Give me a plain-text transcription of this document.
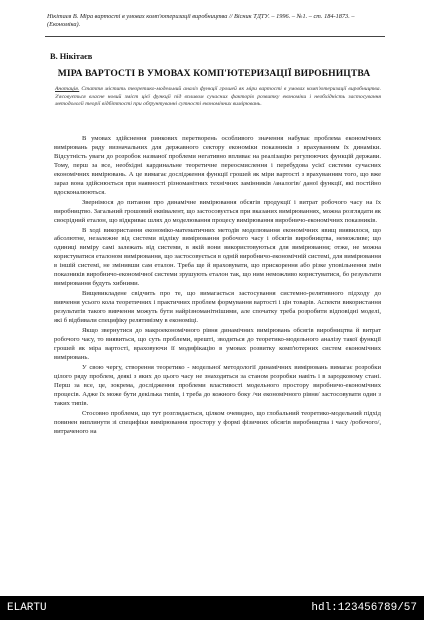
Нікітаєв В. Міра вартості в умовах комп'ютеризації виробництва // Вісник ТДТУ. – 1996. – №1. – ст. 184-1873. – (Економіка).
В. Нікітаєв
МІРА ВАРТОСТІ В УМОВАХ КОМП'ЮТЕРИЗАЦІЇ ВИРОБНИЦТВА
Анотація. Стаття містить теоретико-модельний аналіз функції грошей як міри вартості в умовах комп'ютеризації виробництва. З'ясовується власне новий зміст цієї функції під впливом сучасних факторів розвитку економіки і необхідність застосування методології теорії відбіттості при обґрунтуванні сутності економічних вимірювань.

В умовах здійснення ринкових перетворень особливого значення набуває проблема економічних вимірювань ряду визначальних для державного сектору економіки показників з врахуванням їх динаміки. Відсутність уваги до розробок названої проблеми негативно впливає на реалізацію регулюючих функцій держави. Тому, перш за все, необхідні кардинальне теоретичне переосмислення і перебудова усієї системи сучасних економічних вимірювань. А це вимагає дослідження функції грошей як міри вартості з врахуванням того, що вже зараз вона здійснюється при наявності різноманітних технічних замінників /аналогів/ даної функції, які постійно вдосконалюються.

Звернімося до питання про динамічне вимірювання обсягів продукції і витрат робочого часу на їх виробництво. Загальний грошовий еквівалент, що застосовується при вказаних вимірюваннях, можна розглядати як своєрідний еталон, що відкриває шлях до моделювання процесу вимірювання виробничо-економічних показників.

В ході використання економіко-математичних методів моделювання економічних явищ виявилося, що абсолютне, незалежне від системи відліку вимірювання робочого часу і обсягів виробництва, неможливе; що одиниці виміру самі залежать від системи, в якій вони використовуються для вимірювання; отже, не можна користуватися еталоном вимірювання, що застосовується в одній виробничо-економічній системі, для вимірювання в іншій системі, не змінивши сам еталон. Треба ще й враховувати, що прискорення або різке уповільнення змін показників виробничо-економічної системи зрушують еталон так, що ним неможливо користуватися, бо результати вимірювання будуть хибними.

Вищевикладене свідчить про те, що вимагається застосування системно-релятивного підходу до вивчення усього кола теоретичних і практичних проблем формування вартості і цін товарів. Аспекти використання результатів такого вивчення можуть бути найрізноманітнішими, але спочатку треба розробити відповідні моделі, які б відбивали специфіку релятивізму в економіці.

Якщо звернутися до макроекономічного рівня динамічних вимірювань обсягів виробництва й витрат робочого часу, то виявиться, що суть проблеми, врешті, зводиться до теоретико-модельного аналізу такої функції грошей як міра вартості, враховуючи її модифікацію в умовах розвитку комп'ютерних систем економічних вимірювань.

У свою чергу, створення теоретико - модельної методології динамічних вимірювань вимагає розробки цілого ряду проблем, деякі з яких до цього часу не знаходяться за станом розробки навіть і в зародковому стані. Перш за все, це, зокрема, дослідження проблеми властивості модельного простору виробничо-економічних процесів. Адже їх може бути декілька типів, і треба до кожного боку /чи економічного рівня/ застосовувати один з таких типів.

Стосовно проблеми, що тут розглядається, цілком очевидно, що глобальний теоретико-модельний підхід повинен виплинути зі специфіки вимірювання простору у формі фізичних обсягів виробництва і часу /робочого/, витраченого на

ELARTU	hdl:123456789/57
